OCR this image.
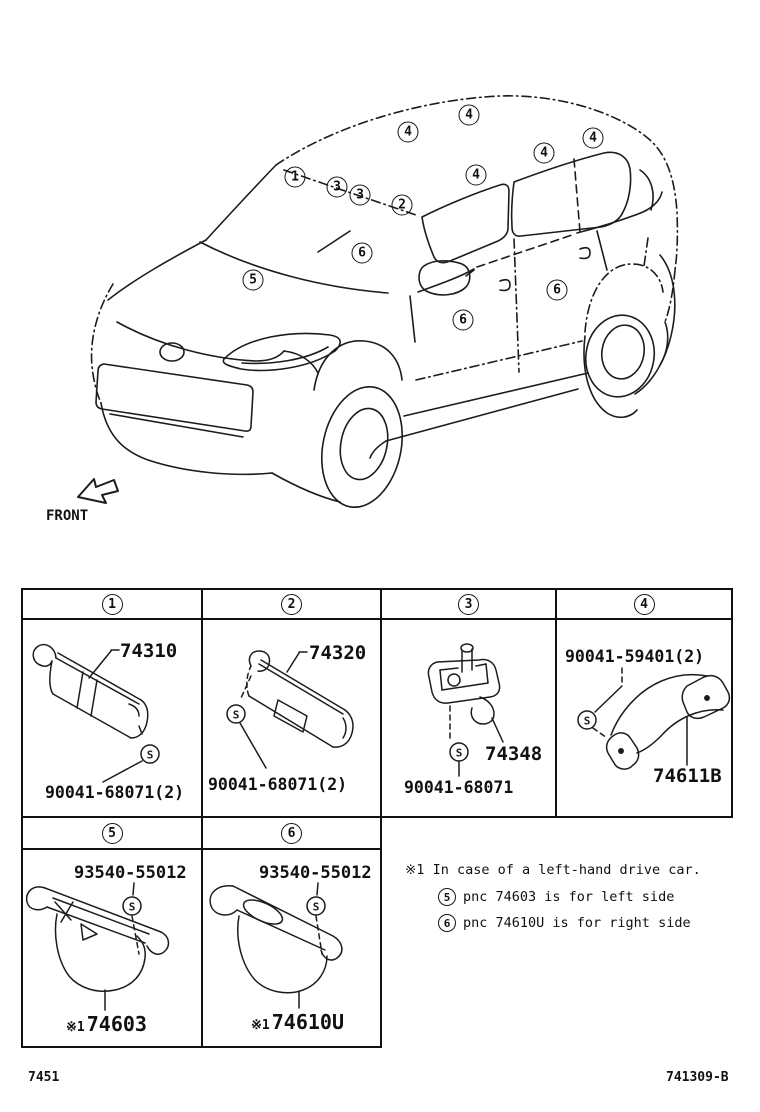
1
3
3
2
4
4
4
4
4
5
6
6
6
FRONT
1	2	3	4
S
74310
90041-68071(2)
S
74320
90041-68071(2)
S 74348
90041-68071
S
90041-59401(2)
74611B
5	6
S
93540-55012
※1 74603
S
93540-55012
※1 74610U
※1 In case of a left-hand drive car.
5 pnc 74603 is for left side
6 pnc 74610U is for right side
7451	741309-B
